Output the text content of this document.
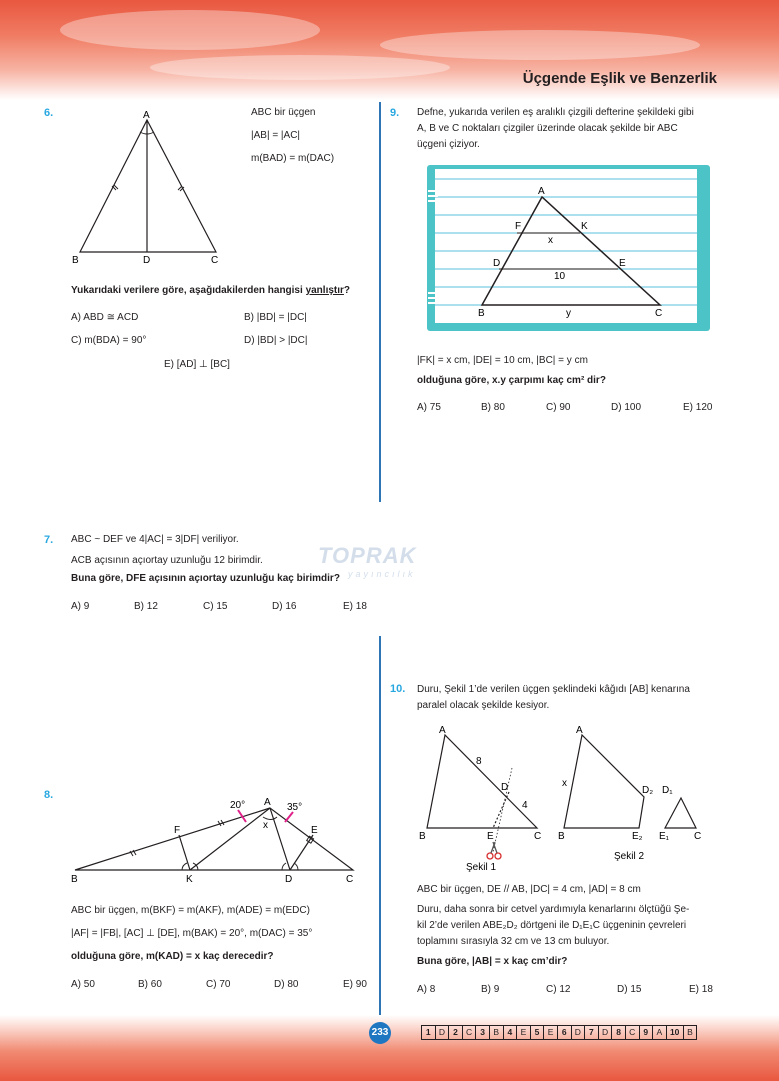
Üçgende Eşlik ve Benzerlik
TOPRAK
yayıncılık
6.	A
B	D	C
ABC bir üçgen
|AB| = |AC|
m(BAD) = m(DAC)
Yukarıdaki verilere göre, aşağıdakilerden hangisi yanlıştır?
A) ABD ≅ ACD	B) |BD| = |DC|
C) m(BDA) = 90°	D) |BD| > |DC|
E) [AD] ⊥ [BC]
9. Defne, yukarıda verilen eş aralıklı çizgili defterine şekildeki gibi
A, B ve C noktaları çizgiler üzerinde olacak şekilde bir ABC
üçgeni çiziyor.
A
F	K
x
D	E
10
B	y	C
|FK| = x cm, |DE| = 10 cm, |BC| = y cm
olduğuna göre, x.y çarpımı kaç cm² dir?
A) 75	B) 80	C) 90	D) 100	E) 120
7. ABC ~ DEF ve 4|AC| = 3|DF| veriliyor.
ACB açısının açıortay uzunluğu 12 birimdir.
Buna göre, DFE açısının açıortay uzunluğu kaç birimdir?
A) 9	B) 12	C) 15	D) 16	E) 18
10. Duru, Şekil 1’de verilen üçgen şeklindeki kâğıdı [AB] kenarına
paralel olacak şekilde kesiyor.
A
8
D
4
B	E	C
Şekil 1
A
x
D₂ D₁
B	E₂ E₁ C
Şekil 2
ABC bir üçgen, DE // AB, |DC| = 4 cm, |AD| = 8 cm
Duru, daha sonra bir cetvel yardımıyla kenarlarını ölçtüğü Şe-
kil 2’de verilen ABE₂D₂ dörtgeni ile D₁E₁C üçgeninin çevreleri
toplamını sırasıyla 32 cm ve 13 cm buluyor.
Buna göre, |AB| = x kaç cm’dir?
A) 8	B) 9	C) 12	D) 15	E) 18
8.
A
20°	35°
x
F	E
B	K	D	C
ABC bir üçgen, m(BKF) = m(AKF), m(ADE) = m(EDC)
|AF| = |FB|, [AC] ⊥ [DE], m(BAK) = 20°, m(DAC) = 35°
olduğuna göre, m(KAD) = x kaç derecedir?
A) 50	B) 60	C) 70	D) 80	E) 90
233	1 D 2 C 3 B 4 E 5 E 6 D 7 D 8 C 9 A 10 B
